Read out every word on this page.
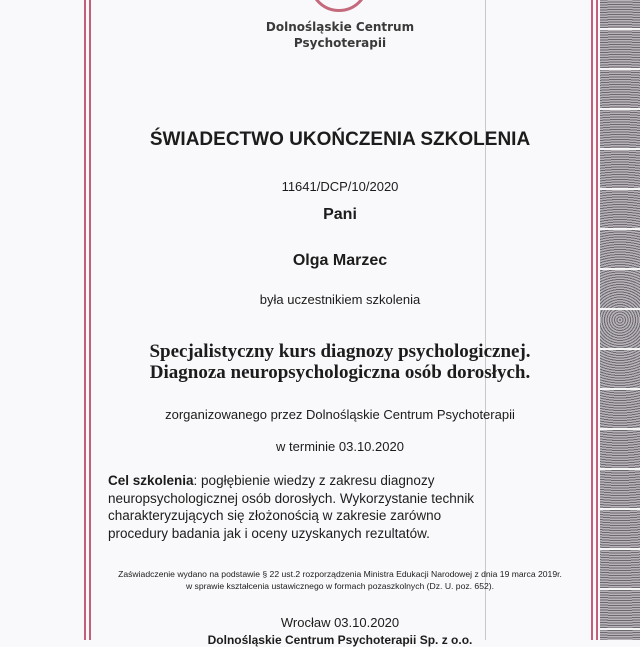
Dolnośląskie Centrum
Psychoterapii
ŚWIADECTWO UKOŃCZENIA SZKOLENIA
11641/DCP/10/2020
Pani
Olga Marzec
była uczestnikiem szkolenia
Specjalistyczny kurs diagnozy psychologicznej.
Diagnoza neuropsychologiczna osób dorosłych.
zorganizowanego przez Dolnośląskie Centrum Psychoterapii
w terminie 03.10.2020
Cel szkolenia: pogłębienie wiedzy z zakresu diagnozy neuropsychologicznej osób dorosłych. Wykorzystanie technik charakteryzujących się złożonością w zakresie zarówno procedury badania jak i oceny uzyskanych rezultatów.
Zaświadczenie wydano na podstawie § 22 ust.2 rozporządzenia Ministra Edukacji Narodowej z dnia 19 marca 2019r.
w sprawie kształcenia ustawicznego w formach pozaszkolnych (Dz. U. poz. 652).
Wrocław 03.10.2020
Dolnośląskie Centrum Psychoterapii Sp. z o.o.
